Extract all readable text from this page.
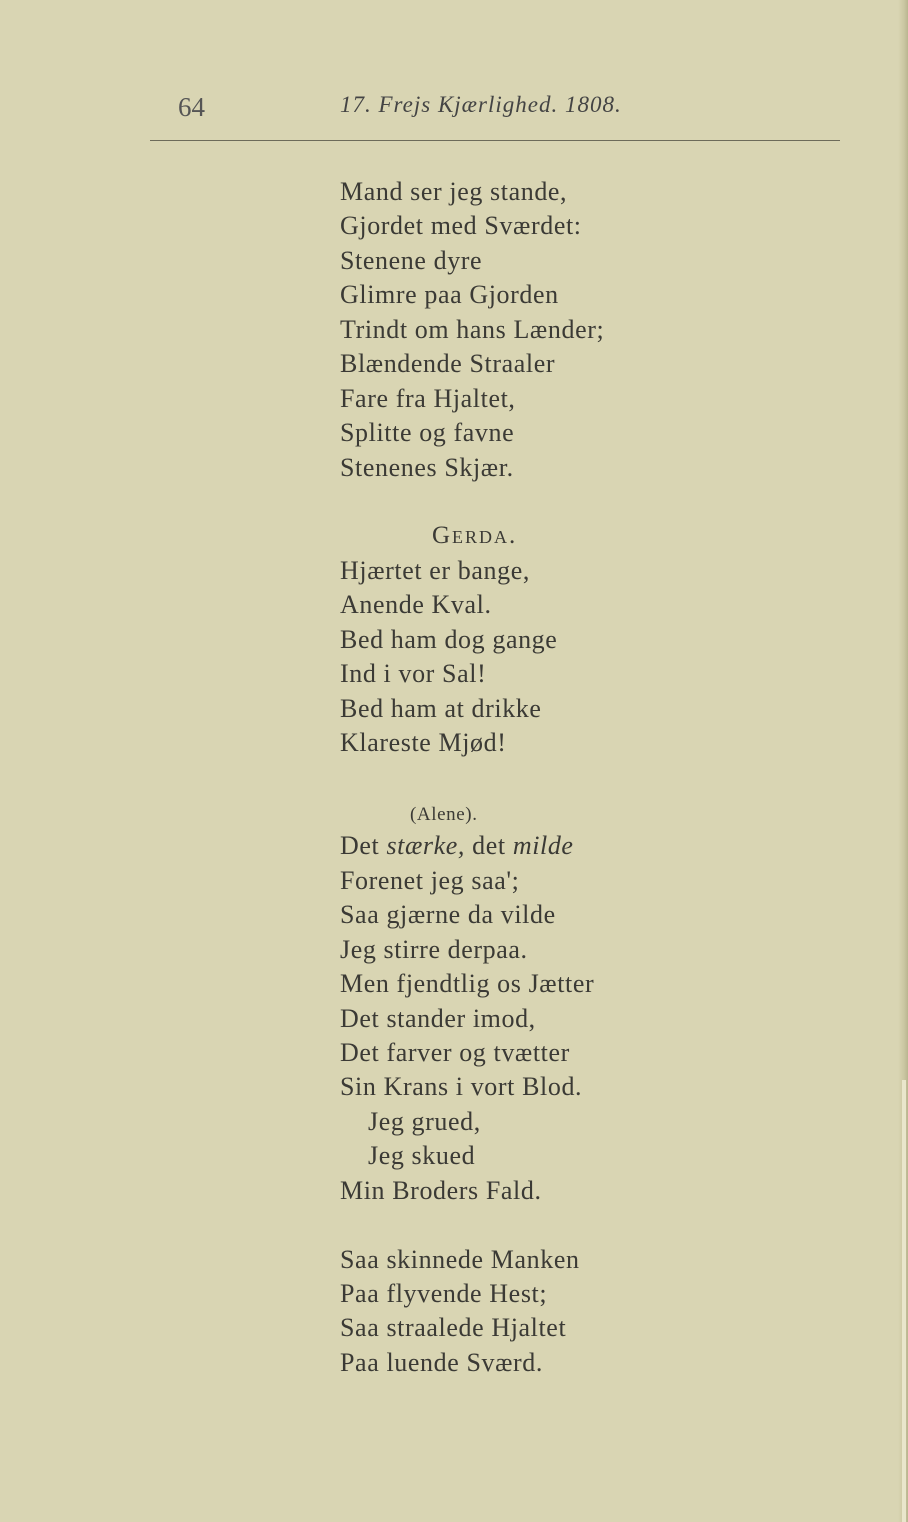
64	17. Frejs Kjærlighed. 1808.
Mand ser jeg stande,
Gjordet med Sværdet:
Stenene dyre
Glimre paa Gjorden
Trindt om hans Lænder;
Blændende Straaler
Fare fra Hjaltet,
Splitte og favne
Stenenes Skjær.
Gerda.
Hjærtet er bange,
Anende Kval.
Bed ham dog gange
Ind i vor Sal!
Bed ham at drikke
Klareste Mjød!
(Alene).
Det stærke, det milde
Forenet jeg saa';
Saa gjærne da vilde
Jeg stirre derpaa.
Men fjendtlig os Jætter
Det stander imod,
Det farver og tvætter
Sin Krans i vort Blod.
Jeg grued,
Jeg skued
Min Broders Fald.
Saa skinnede Manken
Paa flyvende Hest;
Saa straalede Hjaltet
Paa luende Sværd.
